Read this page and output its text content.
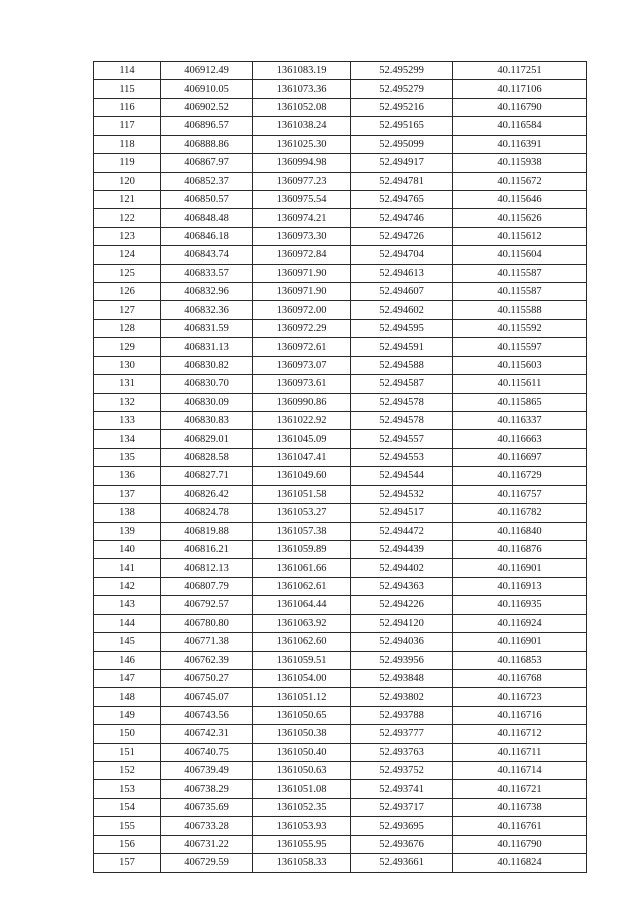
114	406912.49	1361083.19	52.495299	40.117251
115	406910.05	1361073.36	52.495279	40.117106
116	406902.52	1361052.08	52.495216	40.116790
117	406896.57	1361038.24	52.495165	40.116584
118	406888.86	1361025.30	52.495099	40.116391
119	406867.97	1360994.98	52.494917	40.115938
120	406852.37	1360977.23	52.494781	40.115672
121	406850.57	1360975.54	52.494765	40.115646
122	406848.48	1360974.21	52.494746	40.115626
123	406846.18	1360973.30	52.494726	40.115612
124	406843.74	1360972.84	52.494704	40.115604
125	406833.57	1360971.90	52.494613	40.115587
126	406832.96	1360971.90	52.494607	40.115587
127	406832.36	1360972.00	52.494602	40.115588
128	406831.59	1360972.29	52.494595	40.115592
129	406831.13	1360972.61	52.494591	40.115597
130	406830.82	1360973.07	52.494588	40.115603
131	406830.70	1360973.61	52.494587	40.115611
132	406830.09	1360990.86	52.494578	40.115865
133	406830.83	1361022.92	52.494578	40.116337
134	406829.01	1361045.09	52.494557	40.116663
135	406828.58	1361047.41	52.494553	40.116697
136	406827.71	1361049.60	52.494544	40.116729
137	406826.42	1361051.58	52.494532	40.116757
138	406824.78	1361053.27	52.494517	40.116782
139	406819.88	1361057.38	52.494472	40.116840
140	406816.21	1361059.89	52.494439	40.116876
141	406812.13	1361061.66	52.494402	40.116901
142	406807.79	1361062.61	52.494363	40.116913
143	406792.57	1361064.44	52.494226	40.116935
144	406780.80	1361063.92	52.494120	40.116924
145	406771.38	1361062.60	52.494036	40.116901
146	406762.39	1361059.51	52.493956	40.116853
147	406750.27	1361054.00	52.493848	40.116768
148	406745.07	1361051.12	52.493802	40.116723
149	406743.56	1361050.65	52.493788	40.116716
150	406742.31	1361050.38	52.493777	40.116712
151	406740.75	1361050.40	52.493763	40.116711
152	406739.49	1361050.63	52.493752	40.116714
153	406738.29	1361051.08	52.493741	40.116721
154	406735.69	1361052.35	52.493717	40.116738
155	406733.28	1361053.93	52.493695	40.116761
156	406731.22	1361055.95	52.493676	40.116790
157	406729.59	1361058.33	52.493661	40.116824
